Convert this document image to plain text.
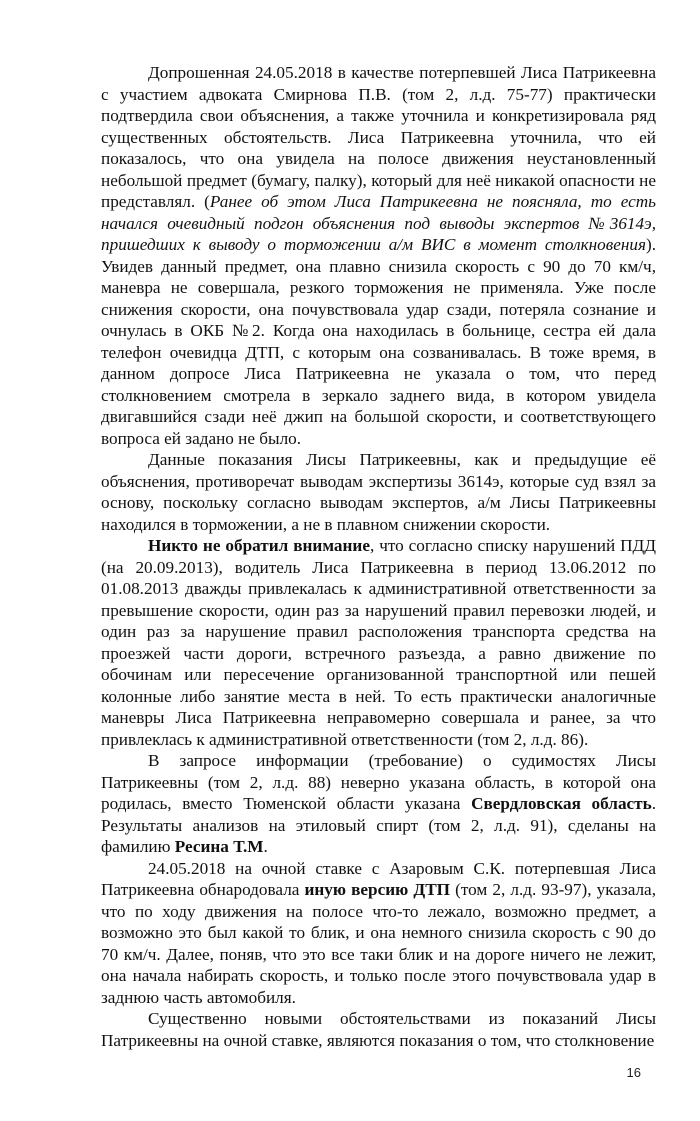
Допрошенная 24.05.2018 в качестве потерпевшей Лиса Патрикеевна с участием адвоката Смирнова П.В. (том 2, л.д. 75-77) практически подтвердила свои объяснения, а также уточнила и конкретизировала ряд существенных обстоятельств. Лиса Патрикеевна уточнила, что ей показалось, что она увидела на полосе движения неустановленный небольшой предмет (бумагу, палку), который для неё никакой опасности не представлял. (Ранее об этом Лиса Патрикеевна не поясняла, то есть начался очевидный подгон объяснения под выводы экспертов №3614э, пришедших к выводу о торможении а/м ВИС в момент столкновения). Увидев данный предмет, она плавно снизила скорость с 90 до 70 км/ч, маневра не совершала, резкого торможения не применяла. Уже после снижения скорости, она почувствовала удар сзади, потеряла сознание и очнулась в ОКБ №2. Когда она находилась в больнице, сестра ей дала телефон очевидца ДТП, с которым она созванивалась. В тоже время, в данном допросе Лиса Патрикеевна не указала о том, что перед столкновением смотрела в зеркало заднего вида, в котором увидела двигавшийся сзади неё джип на большой скорости, и соответствующего вопроса ей задано не было.

Данные показания Лисы Патрикеевны, как и предыдущие её объяснения, противоречат выводам экспертизы 3614э, которые суд взял за основу, поскольку согласно выводам экспертов, а/м Лисы Патрикеевны находился в торможении, а не в плавном снижении скорости.

Никто не обратил внимание, что согласно списку нарушений ПДД (на 20.09.2013), водитель Лиса Патрикеевна в период 13.06.2012 по 01.08.2013 дважды привлекалась к административной ответственности за превышение скорости, один раз за нарушений правил перевозки людей, и один раз за нарушение правил расположения транспорта средства на проезжей части дороги, встречного разъезда, а равно движение по обочинам или пересечение организованной транспортной или пешей колонные либо занятие места в ней. То есть практически аналогичные маневры Лиса Патрикеевна неправомерно совершала и ранее, за что привлеклась к административной ответственности (том 2, л.д. 86).

В запросе информации (требование) о судимостях Лисы Патрикеевны (том 2, л.д. 88) неверно указана область, в которой она родилась, вместо Тюменской области указана Свердловская область. Результаты анализов на этиловый спирт (том 2, л.д. 91), сделаны на фамилию Ресина Т.М.

24.05.2018 на очной ставке с Азаровым С.К. потерпевшая Лиса Патрикеевна обнародовала иную версию ДТП (том 2, л.д. 93-97), указала, что по ходу движения на полосе что-то лежало, возможно предмет, а возможно это был какой то блик, и она немного снизила скорость с 90 до 70 км/ч. Далее, поняв, что это все таки блик и на дороге ничего не лежит, она начала набирать скорость, и только после этого почувствовала удар в заднюю часть автомобиля.

Существенно новыми обстоятельствами из показаний Лисы Патрикеевны на очной ставке, являются показания о том, что столкновение

16
